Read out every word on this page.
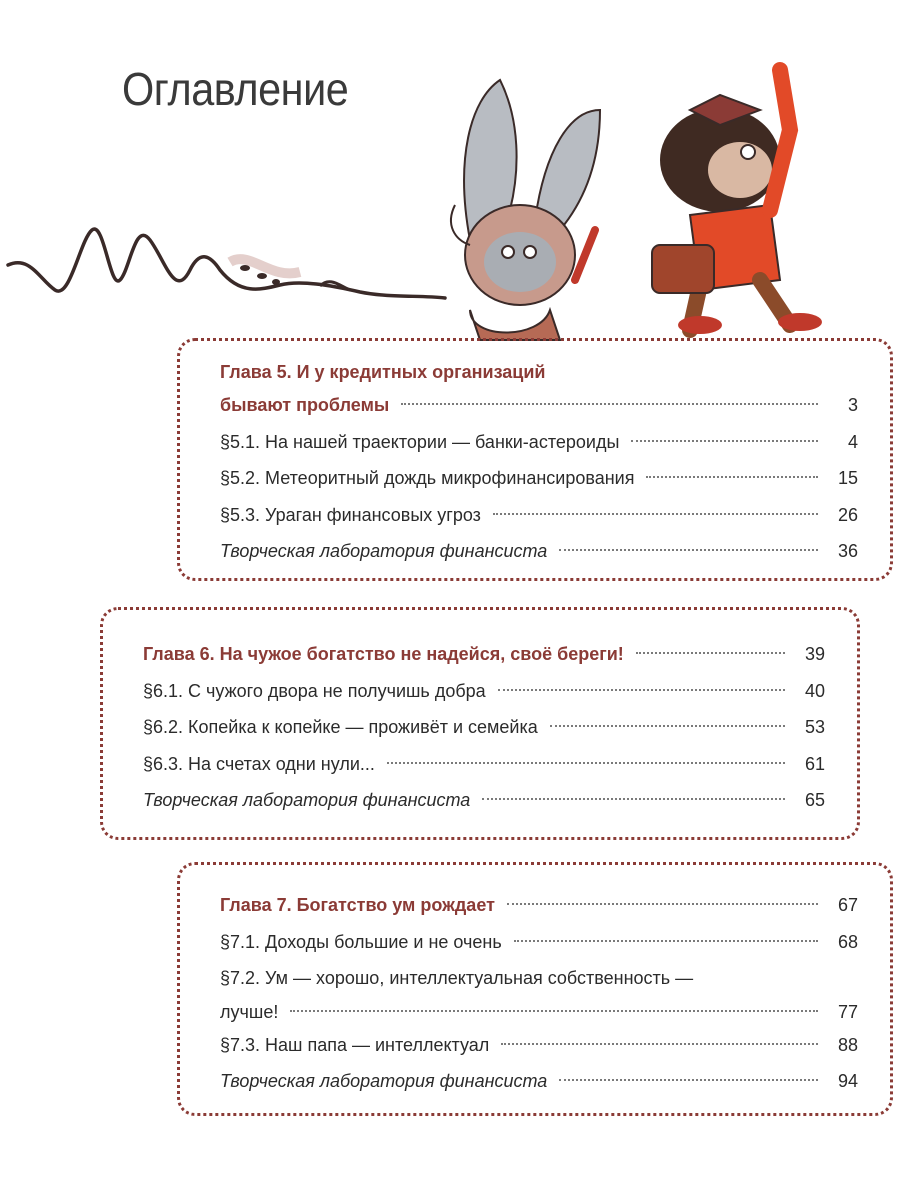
Оглавление
Глава 5. И у кредитных организаций
бывают проблемы	3
§5.1. На нашей траектории — банки-астероиды	4
§5.2. Метеоритный дождь микрофинансирования	15
§5.3. Ураган финансовых угроз	26
Творческая лаборатория финансиста	36
Глава 6. На чужое богатство не надейся, своё береги!	39
§6.1. С чужого двора не получишь добра	40
§6.2. Копейка к копейке — проживёт и семейка	53
§6.3. На счетах одни нули...	61
Творческая лаборатория финансиста	65
Глава 7. Богатство ум рождает	67
§7.1. Доходы большие и не очень	68
§7.2. Ум — хорошо, интеллектуальная собственность —
лучше!	77
§7.3. Наш папа — интеллектуал	88
Творческая лаборатория финансиста	94
